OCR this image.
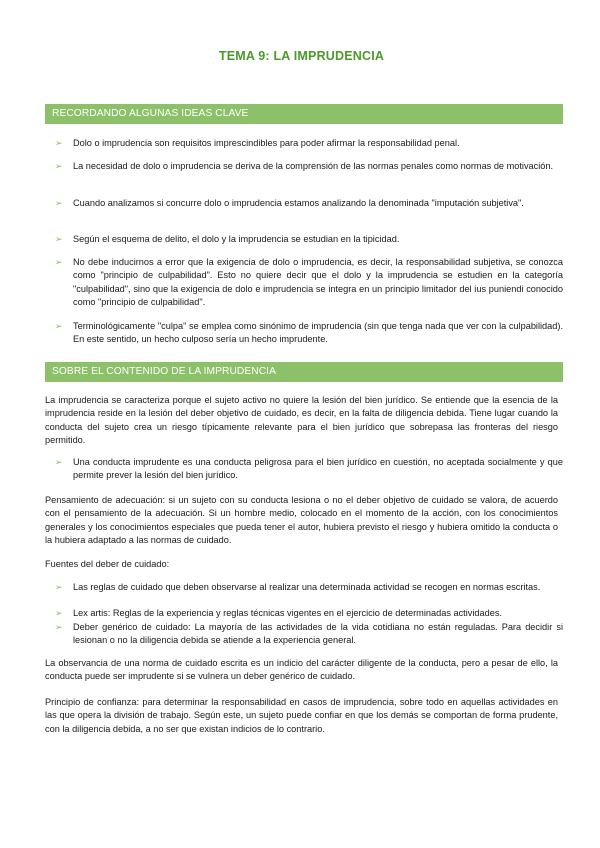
TEMA 9: LA IMPRUDENCIA
RECORDANDO ALGUNAS IDEAS CLAVE
➢ Dolo o imprudencia son requisitos imprescindibles para poder afirmar la responsabilidad penal.
➢ La necesidad de dolo o imprudencia se deriva de la comprensión de las normas penales como normas de motivación.
➢ Cuando analizamos si concurre dolo o imprudencia estamos analizando la denominada "imputación subjetiva".
➢ Según el esquema de delito, el dolo y la imprudencia se estudian en la tipicidad.
➢ No debe inducirnos a error que la exigencia de dolo o imprudencia, es decir, la responsabilidad subjetiva, se conozca como "principio de culpabilidad". Esto no quiere decir que el dolo y la imprudencia se estudien en la categoría "culpabilidad", sino que la exigencia de dolo e imprudencia se integra en un principio limitador del ius puniendi conocido como "principio de culpabilidad".
➢ Terminológicamente "culpa" se emplea como sinónimo de imprudencia (sin que tenga nada que ver con la culpabilidad). En este sentido, un hecho culposo sería un hecho imprudente.
SOBRE EL CONTENIDO DE LA IMPRUDENCIA
La imprudencia se caracteriza porque el sujeto activo no quiere la lesión del bien jurídico. Se entiende que la esencia de la imprudencia reside en la lesión del deber objetivo de cuidado, es decir, en la falta de diligencia debida. Tiene lugar cuando la conducta del sujeto crea un riesgo típicamente relevante para el bien jurídico que sobrepasa las fronteras del riesgo permitido.
➢ Una conducta imprudente es una conducta peligrosa para el bien jurídico en cuestión, no aceptada socialmente y que permite prever la lesión del bien jurídico.
Pensamiento de adecuación: si un sujeto con su conducta lesiona o no el deber objetivo de cuidado se valora, de acuerdo con el pensamiento de la adecuación. Si un hombre medio, colocado en el momento de la acción, con los conocimientos generales y los conocimientos especiales que pueda tener el autor, hubiera previsto el riesgo y hubiera omitido la conducta o la hubiera adaptado a las normas de cuidado.
Fuentes del deber de cuidado:
➢ Las reglas de cuidado que deben observarse al realizar una determinada actividad se recogen en normas escritas.
➢ Lex artis: Reglas de la experiencia y reglas técnicas vigentes en el ejercicio de determinadas actividades.
➢ Deber genérico de cuidado: La mayoría de las actividades de la vida cotidiana no están reguladas. Para decidir si lesionan o no la diligencia debida se atiende a la experiencia general.
La observancia de una norma de cuidado escrita es un indicio del carácter diligente de la conducta, pero a pesar de ello, la conducta puede ser imprudente si se vulnera un deber genérico de cuidado.
Principio de confianza: para determinar la responsabilidad en casos de imprudencia, sobre todo en aquellas actividades en las que opera la división de trabajo. Según este, un sujeto puede confiar en que los demás se comportan de forma prudente, con la diligencia debida, a no ser que existan indicios de lo contrario.
